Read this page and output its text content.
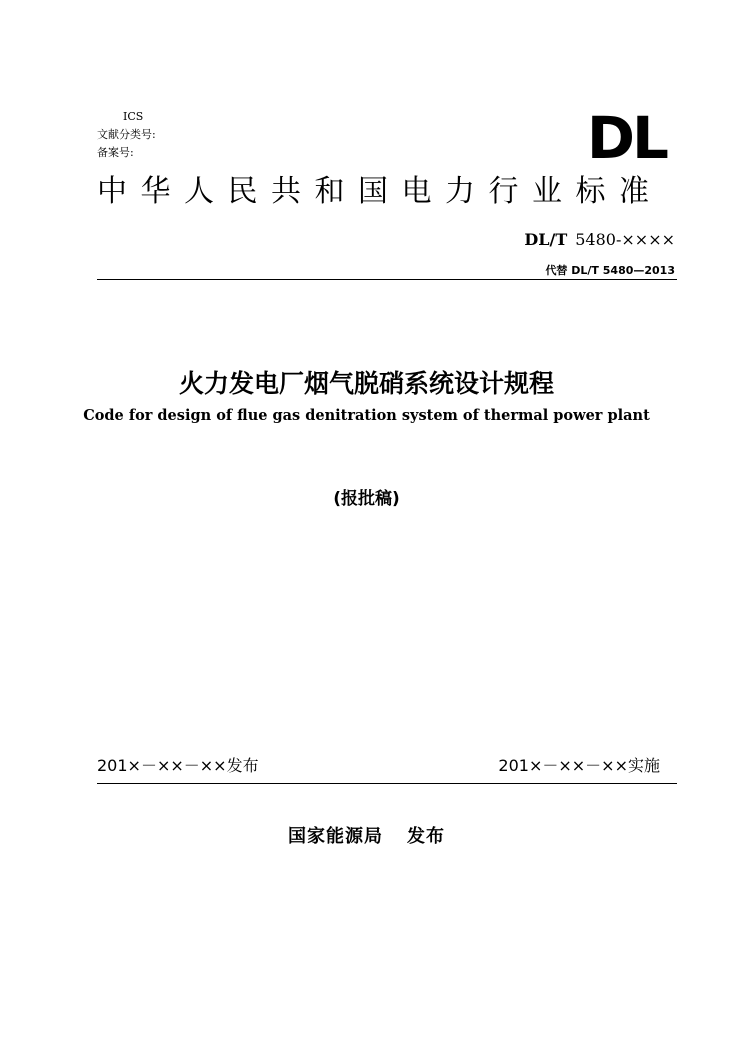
ICS
文献分类号:
备案号:	DL
中华人民共和国电力行业标准
DL/T 5480-××××
代替 DL/T 5480—2013
火力发电厂烟气脱硝系统设计规程
Code for design of flue gas denitration system of thermal power plant
(报批稿)
201×－××－××发布	201×－××－××实施
国家能源局 发布
